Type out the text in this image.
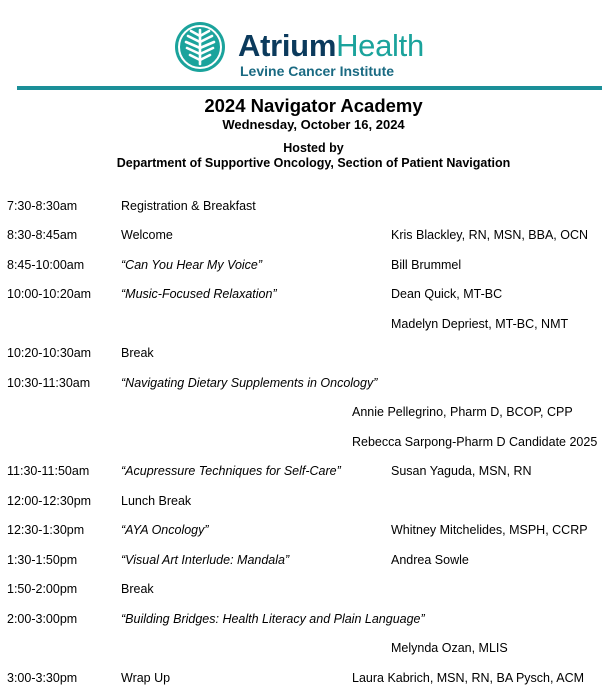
AtriumHealth
Levine Cancer Institute
2024 Navigator Academy
Wednesday, October 16, 2024
Hosted by
Department of Supportive Oncology, Section of Patient Navigation
7:30-8:30am	Registration & Breakfast
8:30-8:45am	Welcome	Kris Blackley, RN, MSN, BBA, OCN
8:45-10:00am	“Can You Hear My Voice”	Bill Brummel
10:00-10:20am “Music-Focused Relaxation”	Dean Quick, MT-BC
Madelyn Depriest, MT-BC, NMT
10:20-10:30am Break
10:30-11:30am “Navigating Dietary Supplements in Oncology”
Annie Pellegrino, Pharm D, BCOP, CPP
Rebecca Sarpong-Pharm D Candidate 2025
11:30-11:50am	“Acupressure Techniques for Self-Care”	Susan Yaguda, MSN, RN
12:00-12:30pm Lunch Break
12:30-1:30pm	“AYA Oncology”	Whitney Mitchelides, MSPH, CCRP
1:30-1:50pm	“Visual Art Interlude: Mandala”	Andrea Sowle
1:50-2:00pm	Break
2:00-3:00pm	“Building Bridges: Health Literacy and Plain Language”
Melynda Ozan, MLIS
3:00-3:30pm	Wrap Up	Laura Kabrich, MSN, RN, BA Pysch, ACM
